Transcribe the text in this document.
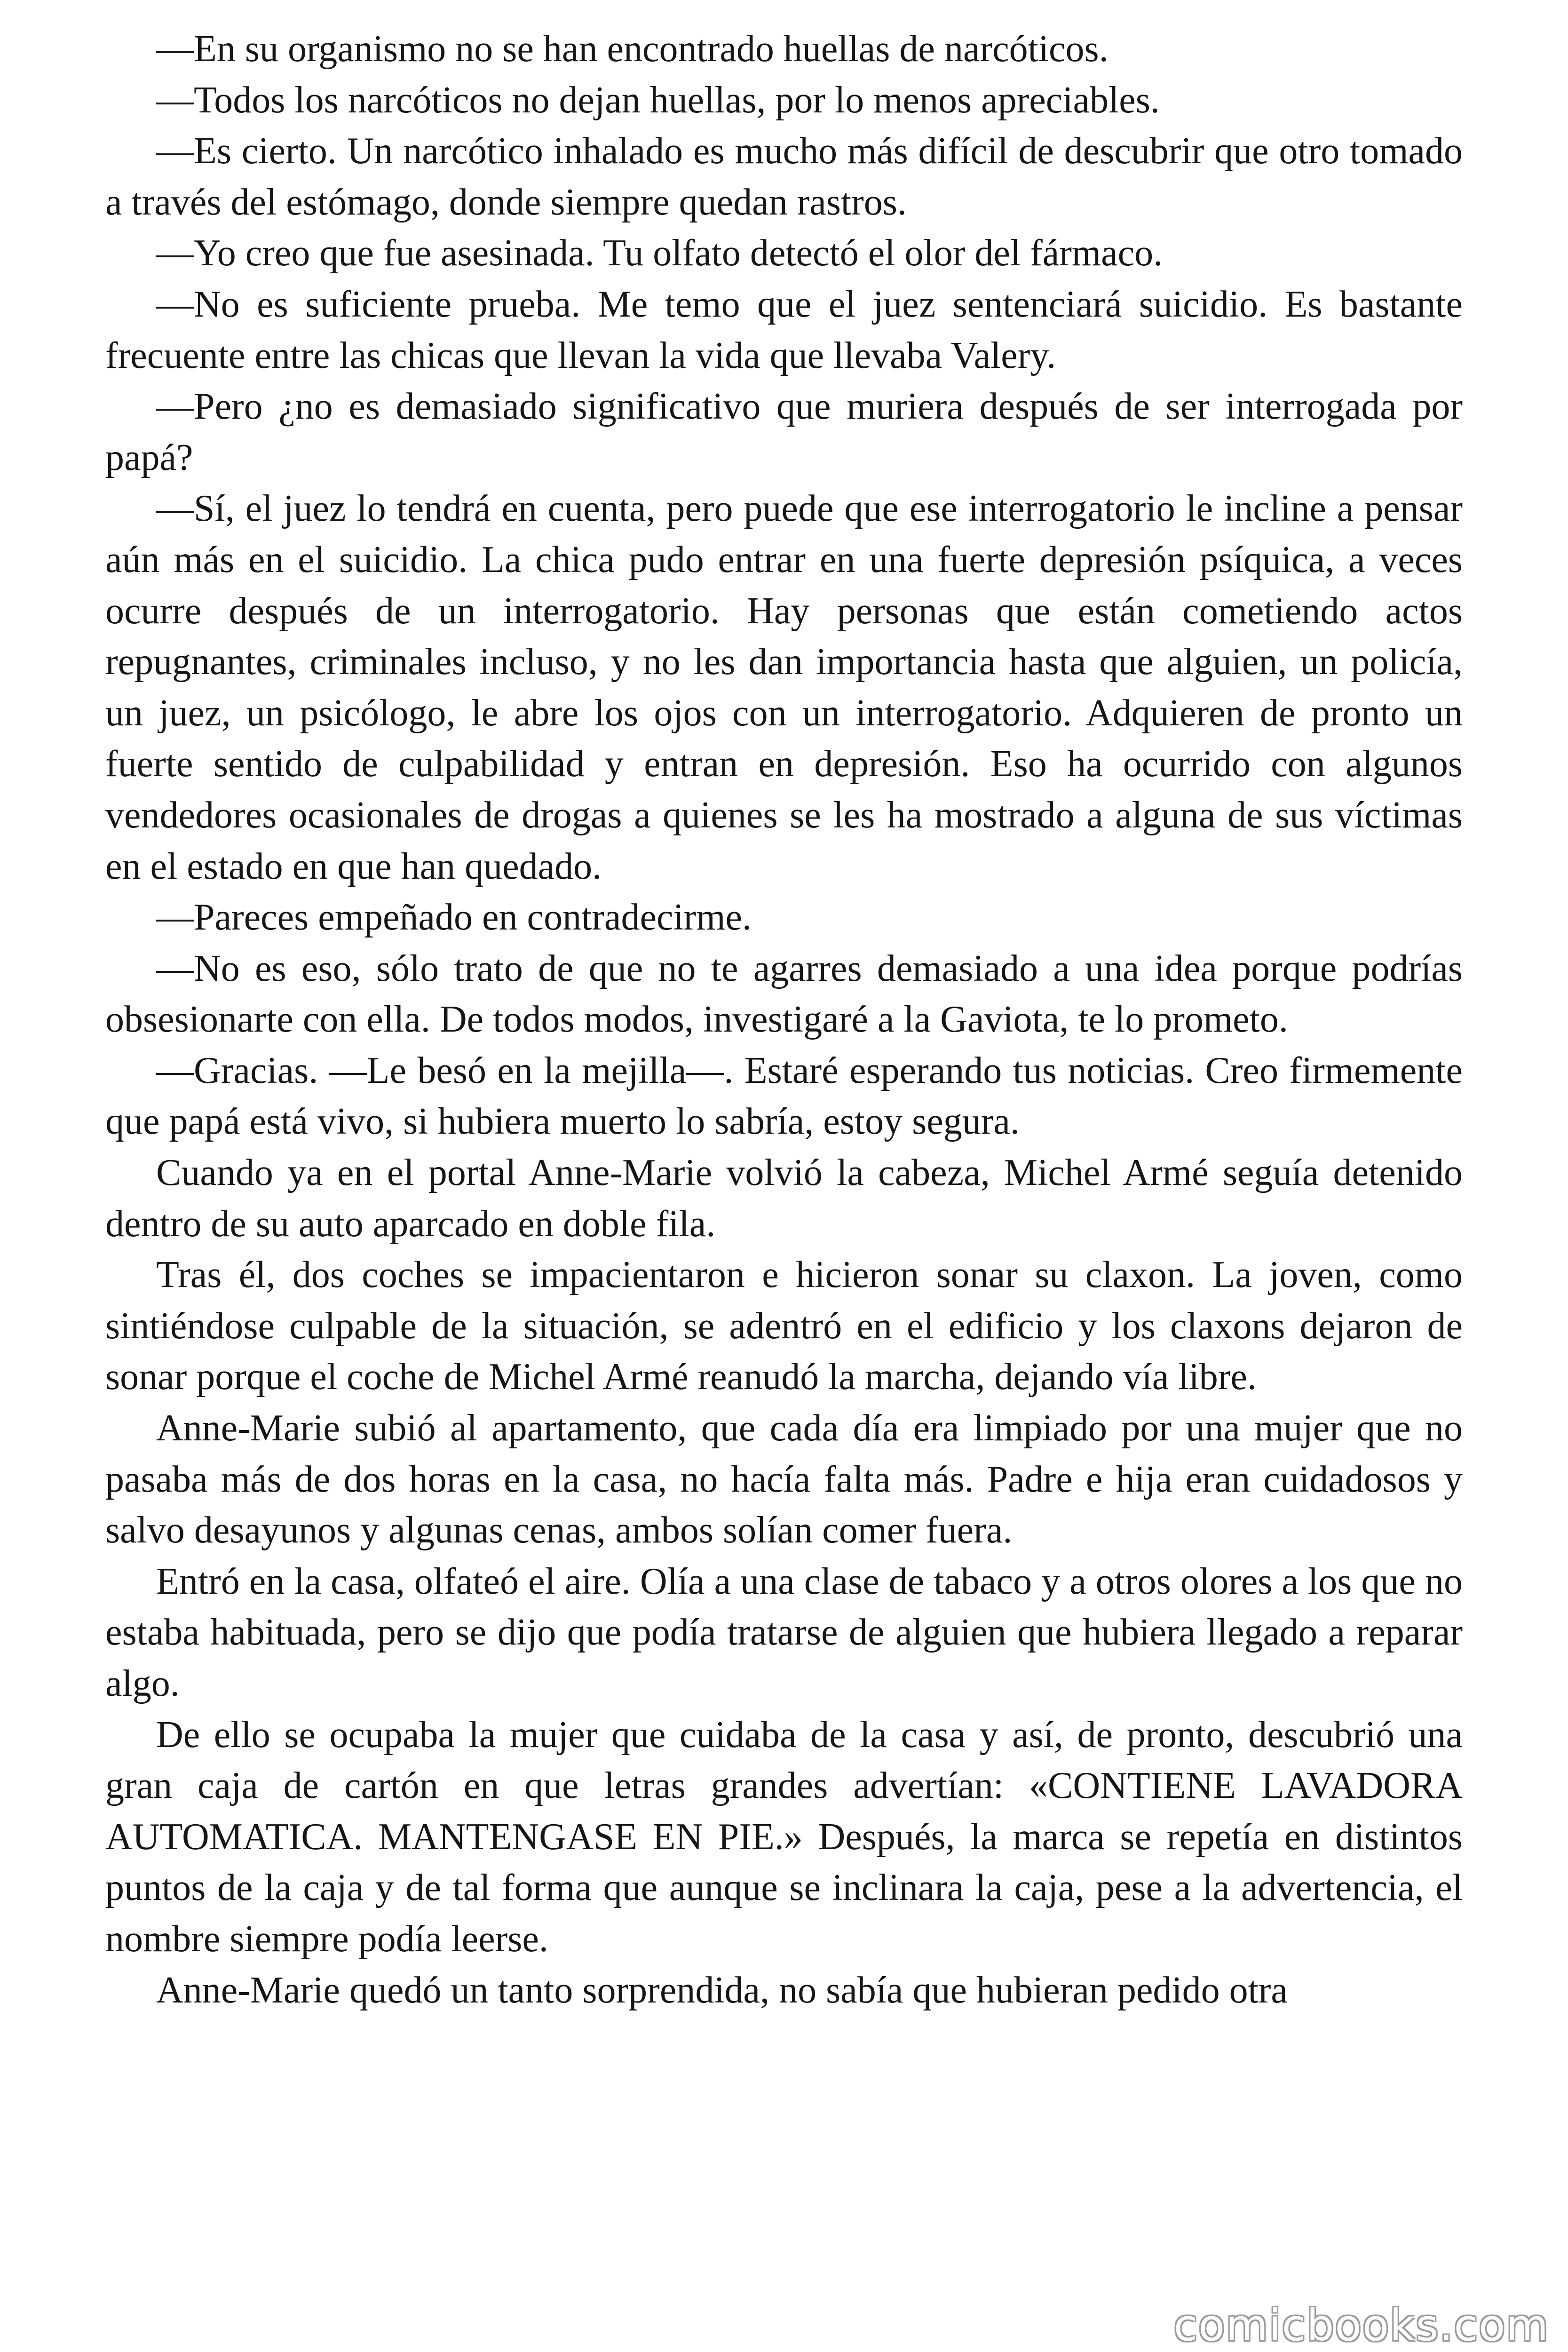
—En su organismo no se han encontrado huellas de narcóticos.

—Todos los narcóticos no dejan huellas, por lo menos apreciables.

—Es cierto. Un narcótico inhalado es mucho más difícil de descubrir que otro tomado a través del estómago, donde siempre quedan rastros.

—Yo creo que fue asesinada. Tu olfato detectó el olor del fármaco.

—No es suficiente prueba. Me temo que el juez sentenciará suicidio. Es bastante frecuente entre las chicas que llevan la vida que llevaba Valery.

—Pero ¿no es demasiado significativo que muriera después de ser interrogada por papá?

—Sí, el juez lo tendrá en cuenta, pero puede que ese interrogatorio le incline a pensar aún más en el suicidio. La chica pudo entrar en una fuerte depresión psíquica, a veces ocurre después de un interrogatorio. Hay personas que están cometiendo actos repugnantes, criminales incluso, y no les dan importancia hasta que alguien, un policía, un juez, un psicólogo, le abre los ojos con un interrogatorio. Adquieren de pronto un fuerte sentido de culpabilidad y entran en depresión. Eso ha ocurrido con algunos vendedores ocasionales de drogas a quienes se les ha mostrado a alguna de sus víctimas en el estado en que han quedado.

—Pareces empeñado en contradecirme.

—No es eso, sólo trato de que no te agarres demasiado a una idea porque podrías obsesionarte con ella. De todos modos, investigaré a la Gaviota, te lo prometo.

—Gracias. —Le besó en la mejilla—. Estaré esperando tus noticias. Creo firmemente que papá está vivo, si hubiera muerto lo sabría, estoy segura.

Cuando ya en el portal Anne-Marie volvió la cabeza, Michel Armé seguía detenido dentro de su auto aparcado en doble fila.

Tras él, dos coches se impacientaron e hicieron sonar su claxon. La joven, como sintiéndose culpable de la situación, se adentró en el edificio y los claxons dejaron de sonar porque el coche de Michel Armé reanudó la marcha, dejando vía libre.

Anne-Marie subió al apartamento, que cada día era limpiado por una mujer que no pasaba más de dos horas en la casa, no hacía falta más. Padre e hija eran cuidadosos y salvo desayunos y algunas cenas, ambos solían comer fuera.

Entró en la casa, olfateó el aire. Olía a una clase de tabaco y a otros olores a los que no estaba habituada, pero se dijo que podía tratarse de alguien que hubiera llegado a reparar algo.

De ello se ocupaba la mujer que cuidaba de la casa y así, de pronto, descubrió una gran caja de cartón en que letras grandes advertían: «CONTIENE LAVADORA AUTOMATICA. MANTENGASE EN PIE.» Después, la marca se repetía en distintos puntos de la caja y de tal forma que aunque se inclinara la caja, pese a la advertencia, el nombre siempre podía leerse.

Anne-Marie quedó un tanto sorprendida, no sabía que hubieran pedido otra

comicbooks.com
